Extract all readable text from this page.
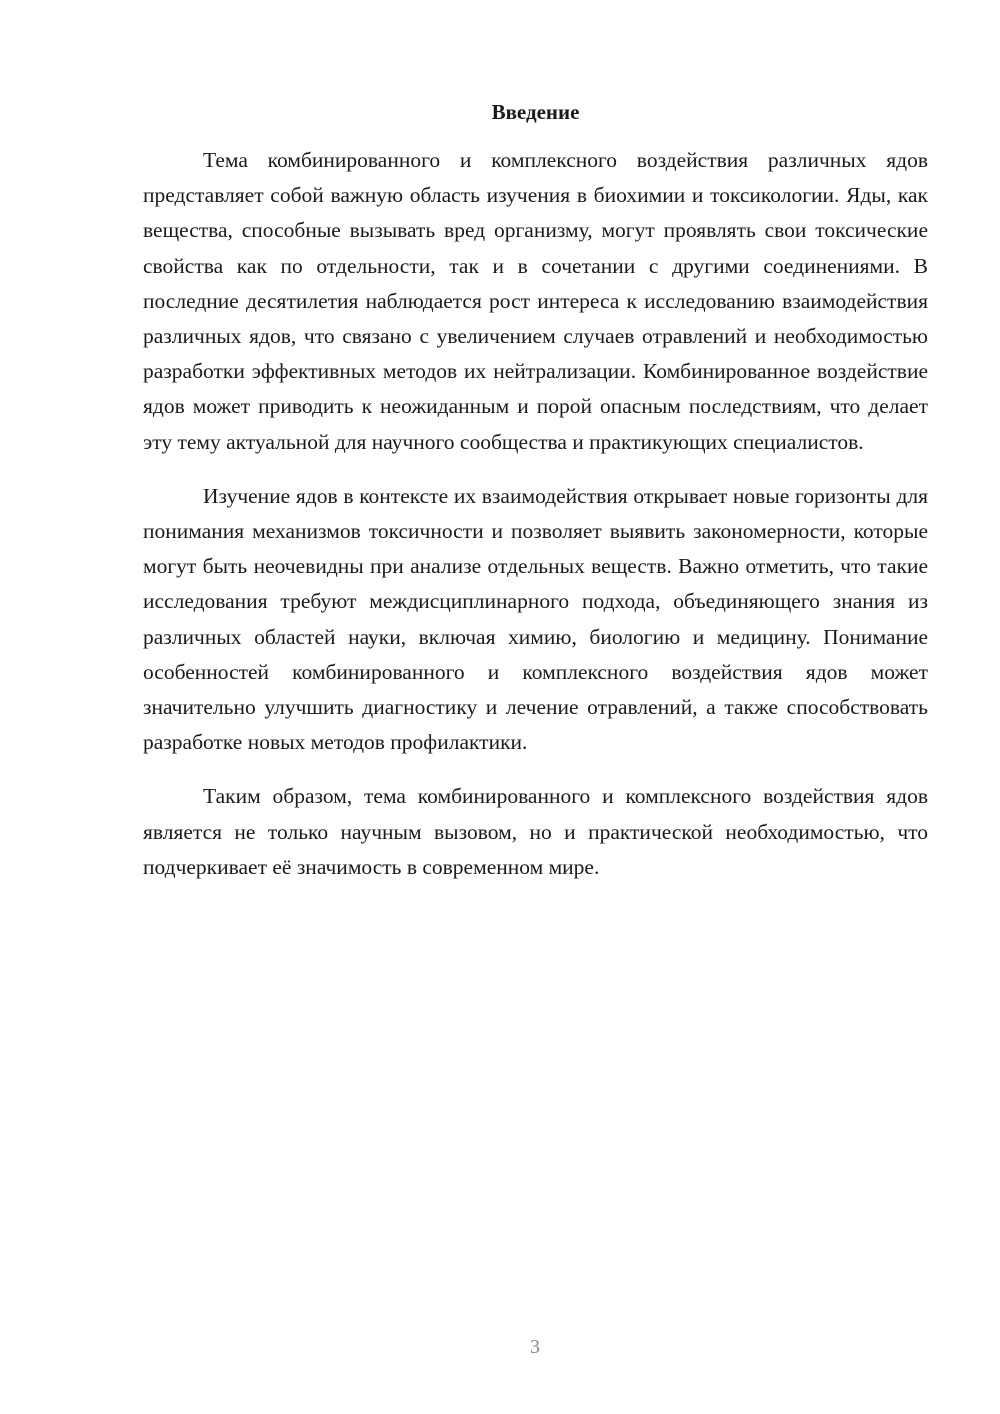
Введение

Тема комбинированного и комплексного воздействия различных ядов представляет собой важную область изучения в биохимии и токсикологии. Яды, как вещества, способные вызывать вред организму, могут проявлять свои токсические свойства как по отдельности, так и в сочетании с другими соединениями. В последние десятилетия наблюдается рост интереса к исследованию взаимодействия различных ядов, что связано с увеличением случаев отравлений и необходимостью разработки эффективных методов их нейтрализации. Комбинированное воздействие ядов может приводить к неожиданным и порой опасным последствиям, что делает эту тему актуальной для научного сообщества и практикующих специалистов.

Изучение ядов в контексте их взаимодействия открывает новые горизонты для понимания механизмов токсичности и позволяет выявить закономерности, которые могут быть неочевидны при анализе отдельных веществ. Важно отметить, что такие исследования требуют междисциплинарного подхода, объединяющего знания из различных областей науки, включая химию, биологию и медицину. Понимание особенностей комбинированного и комплексного воздействия ядов может значительно улучшить диагностику и лечение отравлений, а также способствовать разработке новых методов профилактики.

Таким образом, тема комбинированного и комплексного воздействия ядов является не только научным вызовом, но и практической необходимостью, что подчеркивает её значимость в современном мире.

3
